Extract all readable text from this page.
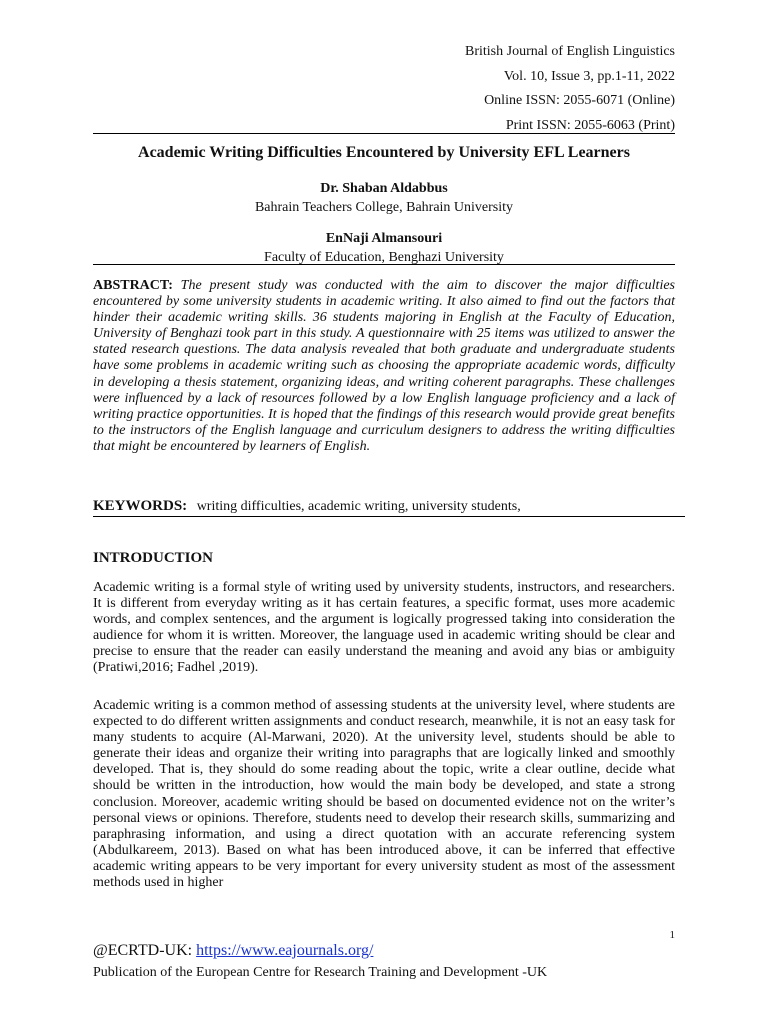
British Journal of English Linguistics
Vol. 10, Issue 3, pp.1-11, 2022
Online ISSN: 2055-6071 (Online)
Print ISSN: 2055-6063 (Print)
Academic Writing Difficulties Encountered by University EFL Learners
Dr. Shaban Aldabbus
Bahrain Teachers College, Bahrain University
EnNaji Almansouri
Faculty of Education, Benghazi University
ABSTRACT: The present study was conducted with the aim to discover the major difficulties encountered by some university students in academic writing. It also aimed to find out the factors that hinder their academic writing skills. 36 students majoring in English at the Faculty of Education, University of Benghazi took part in this study. A questionnaire with 25 items was utilized to answer the stated research questions. The data analysis revealed that both graduate and undergraduate students have some problems in academic writing such as choosing the appropriate academic words, difficulty in developing a thesis statement, organizing ideas, and writing coherent paragraphs. These challenges were influenced by a lack of resources followed by a low English language proficiency and a lack of writing practice opportunities. It is hoped that the findings of this research would provide great benefits to the instructors of the English language and curriculum designers to address the writing difficulties that might be encountered by learners of English.
KEYWORDS: writing difficulties, academic writing, university students,
INTRODUCTION

Academic writing is a formal style of writing used by university students, instructors, and researchers. It is different from everyday writing as it has certain features, a specific format, uses more academic words, and complex sentences, and the argument is logically progressed taking into consideration the audience for whom it is written. Moreover, the language used in academic writing should be clear and precise to ensure that the reader can easily understand the meaning and avoid any bias or ambiguity (Pratiwi,2016; Fadhel ,2019).

Academic writing is a common method of assessing students at the university level, where students are expected to do different written assignments and conduct research, meanwhile, it is not an easy task for many students to acquire (Al-Marwani, 2020). At the university level, students should be able to generate their ideas and organize their writing into paragraphs that are logically linked and smoothly developed. That is, they should do some reading about the topic, write a clear outline, decide what should be written in the introduction, how would the main body be developed, and state a strong conclusion. Moreover, academic writing should be based on documented evidence not on the writer’s personal views or opinions. Therefore, students need to develop their research skills, summarizing and paraphrasing information, and using a direct quotation with an accurate referencing system (Abdulkareem, 2013). Based on what has been introduced above, it can be inferred that effective academic writing appears to be very important for every university student as most of the assessment methods used in higher

1
@ECRTD-UK: https://www.eajournals.org/
Publication of the European Centre for Research Training and Development -UK
